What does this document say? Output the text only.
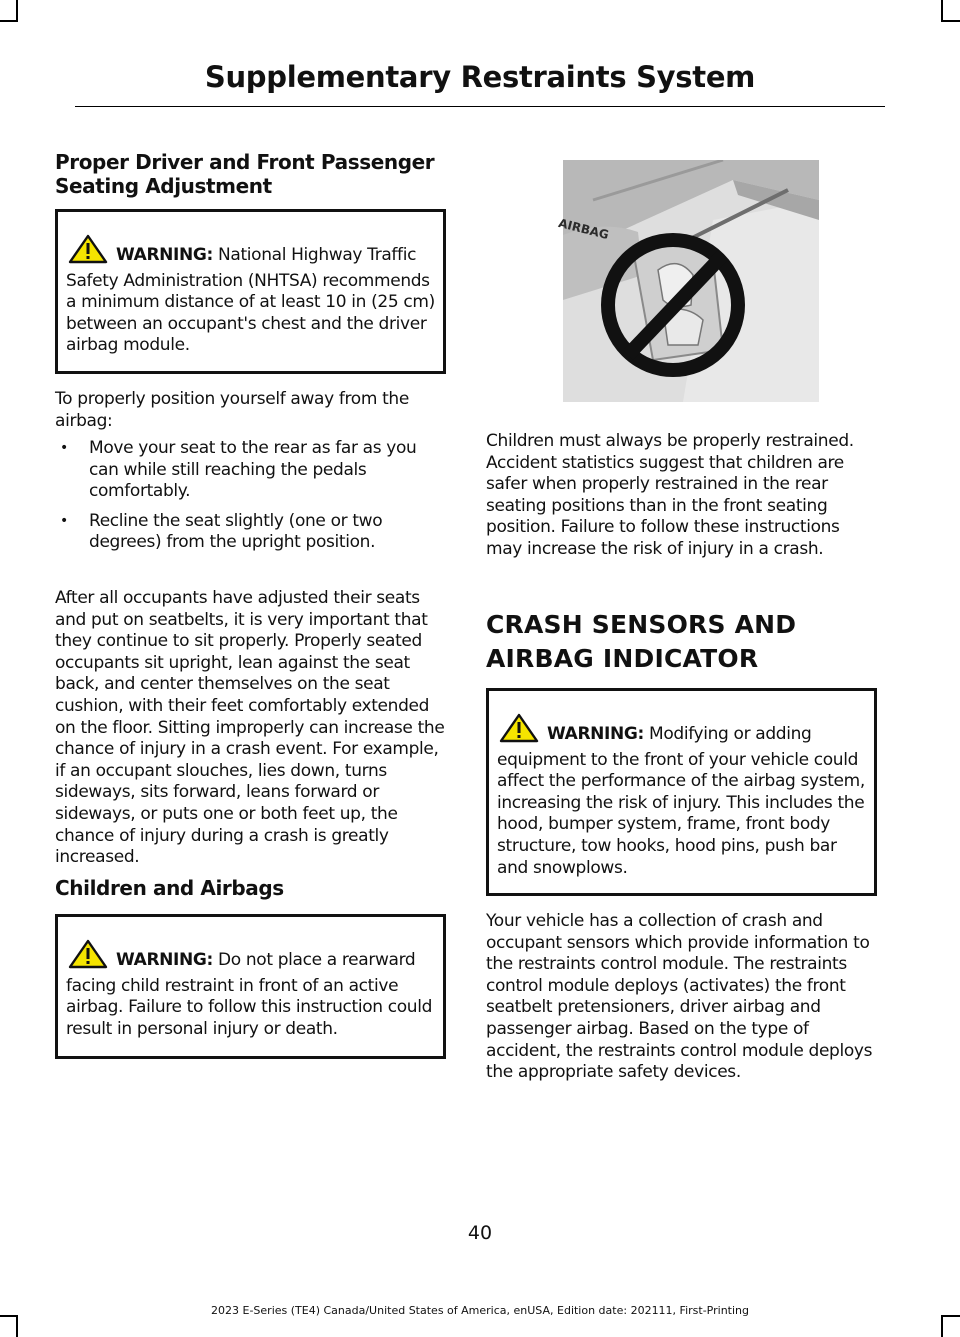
Supplementary Restraints System
Proper Driver and Front Passenger
Seating Adjustment
WARNING: National Highway Traffic Safety Administration (NHTSA) recommends a minimum distance of at least 10 in (25 cm) between an occupant's chest and the driver airbag module.

To properly position yourself away from the airbag:

• Move your seat to the rear as far as you can while still reaching the pedals comfortably.
• Recline the seat slightly (one or two degrees) from the upright position.

After all occupants have adjusted their seats and put on seatbelts, it is very important that they continue to sit properly. Properly seated occupants sit upright, lean against the seat back, and center themselves on the seat cushion, with their feet comfortably extended on the floor. Sitting improperly can increase the chance of injury in a crash event. For example, if an occupant slouches, lies down, turns sideways, sits forward, leans forward or sideways, or puts one or both feet up, the chance of injury during a crash is greatly increased.

Children and Airbags
WARNING: Do not place a rearward facing child restraint in front of an active airbag. Failure to follow this instruction could result in personal injury or death.
AIRBAG

Children must always be properly restrained. Accident statistics suggest that children are safer when properly restrained in the rear seating positions than in the front seating position. Failure to follow these instructions may increase the risk of injury in a crash.

CRASH SENSORS AND
AIRBAG INDICATOR
WARNING: Modifying or adding equipment to the front of your vehicle could affect the performance of the airbag system, increasing the risk of injury. This includes the hood, bumper system, frame, front body structure, tow hooks, hood pins, push bar and snowplows.

Your vehicle has a collection of crash and occupant sensors which provide information to the restraints control module. The restraints control module deploys (activates) the front seatbelt pretensioners, driver airbag and passenger airbag. Based on the type of accident, the restraints control module deploys the appropriate safety devices.

40
2023 E-Series (TE4) Canada/United States of America, enUSA, Edition date: 202111, First-Printing
